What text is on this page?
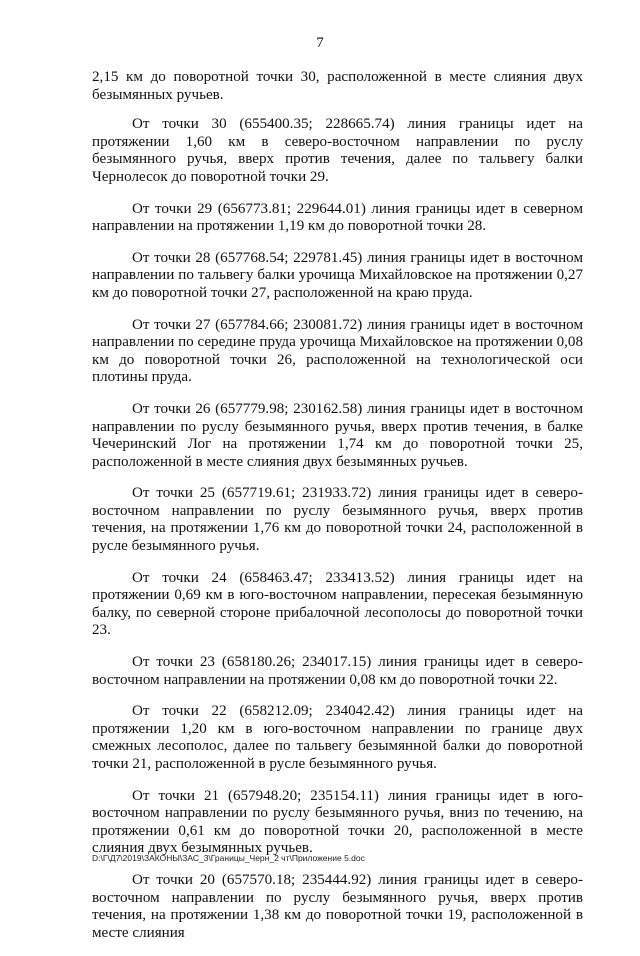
7

2,15 км до поворотной точки 30, расположенной в месте слияния двух безымянных ручьев.

От точки 30 (655400.35; 228665.74) линия границы идет на протяжении 1,60 км в северо-восточном направлении по руслу безымянного ручья, вверх против течения, далее по тальвегу балки Чернолесок до поворотной точки 29.

От точки 29 (656773.81; 229644.01) линия границы идет в северном направлении на протяжении 1,19 км до поворотной точки 28.

От точки 28 (657768.54; 229781.45) линия границы идет в восточном направлении по тальвегу балки урочища Михайловское на протяжении 0,27 км до поворотной точки 27, расположенной на краю пруда.

От точки 27 (657784.66; 230081.72) линия границы идет в восточном направлении по середине пруда урочища Михайловское на протяжении 0,08 км до поворотной точки 26, расположенной на технологической оси плотины пруда.

От точки 26 (657779.98; 230162.58) линия границы идет в восточном направлении по руслу безымянного ручья, вверх против течения, в балке Чечеринский Лог на протяжении 1,74 км до поворотной точки 25, расположенной в месте слияния двух безымянных ручьев.

От точки 25 (657719.61; 231933.72) линия границы идет в северо-восточном направлении по руслу безымянного ручья, вверх против течения, на протяжении 1,76 км до поворотной точки 24, расположенной в русле безымянного ручья.

От точки 24 (658463.47; 233413.52) линия границы идет на протяжении 0,69 км в юго-восточном направлении, пересекая безымянную балку, по северной стороне прибалочной лесополосы до поворотной точки 23.

От точки 23 (658180.26; 234017.15) линия границы идет в северо-восточном направлении на протяжении 0,08 км до поворотной точки 22.

От точки 22 (658212.09; 234042.42) линия границы идет на протяжении 1,20 км в юго-восточном направлении по границе двух смежных лесополос, далее по тальвегу безымянной балки до поворотной точки 21, расположенной в русле безымянного ручья.

От точки 21 (657948.20; 235154.11) линия границы идет в юго-восточном направлении по руслу безымянного ручья, вниз по течению, на протяжении 0,61 км до поворотной точки 20, расположенной в месте слияния двух безымянных ручьев.

От точки 20 (657570.18; 235444.92) линия границы идет в северо-восточном направлении по руслу безымянного ручья, вверх против течения, на протяжении 1,38 км до поворотной точки 19, расположенной в месте слияния

D:\Г\Д7\2019\ЗАКОНЫ\ЗАС_3\Границы_Черн_2 чт\Приложение 5.doc
